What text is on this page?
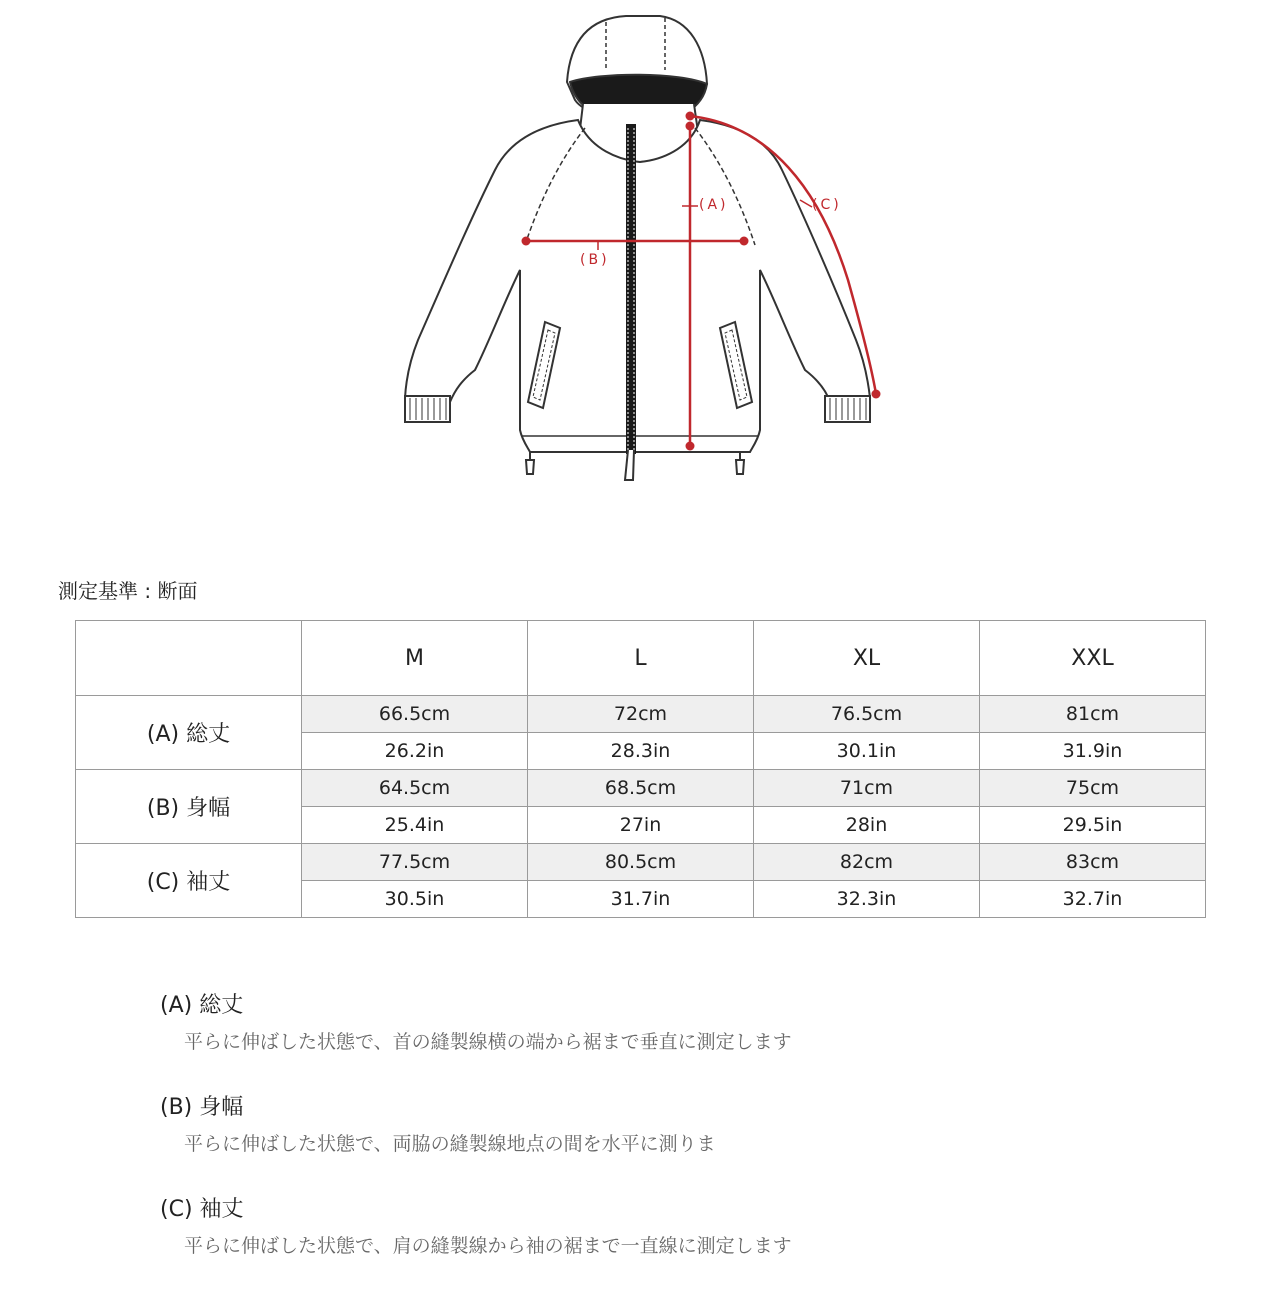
(A)
(B)
(C)
測定基準 : 断面
	M	L	XL	XXL
(A) 総丈	66.5cm	72cm	76.5cm	81cm
	26.2in	28.3in	30.1in	31.9in
(B) 身幅	64.5cm	68.5cm	71cm	75cm
	25.4in	27in	28in	29.5in
(C) 袖丈	77.5cm	80.5cm	82cm	83cm
	30.5in	31.7in	32.3in	32.7in
(A) 総丈
平らに伸ばした状態で、首の縫製線横の端から裾まで垂直に測定します
(B) 身幅
平らに伸ばした状態で、両脇の縫製線地点の間を水平に測りま
(C) 袖丈
平らに伸ばした状態で、肩の縫製線から袖の裾まで一直線に測定します
